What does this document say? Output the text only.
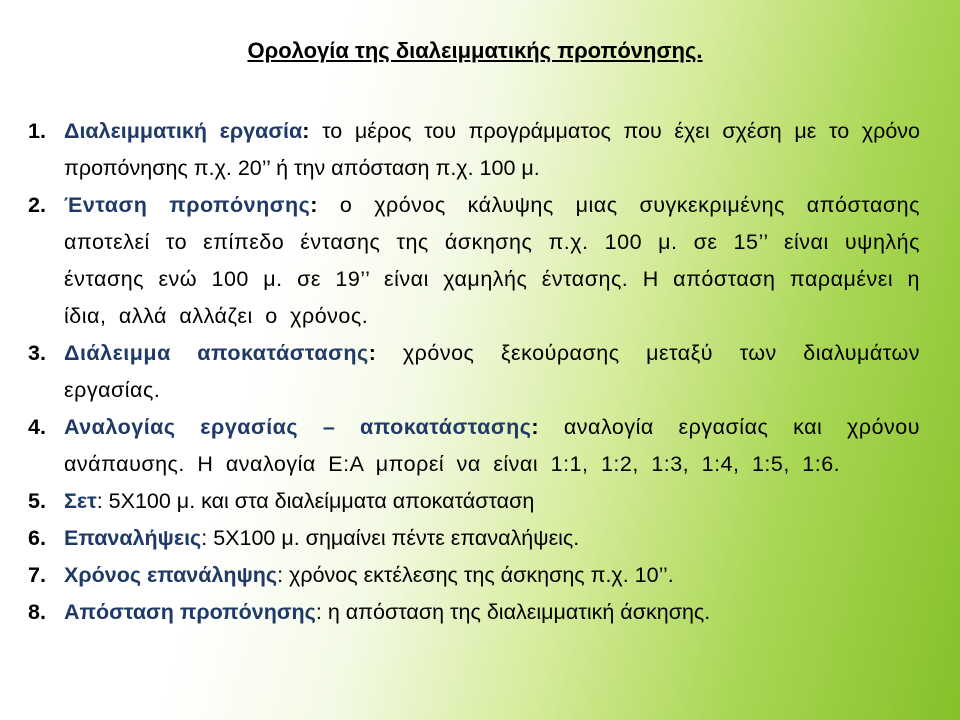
Ορολογία της διαλειμματικής προπόνησης.
1. Διαλειμματική εργασία: το μέρος του προγράμματος που έχει σχέση με το χρόνο προπόνησης π.χ. 20’’ ή την απόσταση π.χ. 100 μ.
2. Ένταση προπόνησης: ο χρόνος κάλυψης μιας συγκεκριμένης απόστασης αποτελεί το επίπεδο έντασης της άσκησης π.χ. 100 μ. σε 15’’ είναι υψηλής έντασης ενώ 100 μ. σε 19’’ είναι χαμηλής έντασης. Η απόσταση παραμένει η ίδια, αλλά αλλάζει ο χρόνος.
3. Διάλειμμα αποκατάστασης: χρόνος ξεκούρασης μεταξύ των διαλυμάτων εργασίας.
4. Αναλογίας εργασίας – αποκατάστασης: αναλογία εργασίας και χρόνου ανάπαυσης. Η αναλογία Ε:Α μπορεί να είναι 1:1, 1:2, 1:3, 1:4, 1:5, 1:6.
5. Σετ: 5Χ100 μ. και στα διαλείμματα αποκατάσταση
6. Επαναλήψεις: 5Χ100 μ. σημαίνει πέντε επαναλήψεις.
7. Χρόνος επανάληψης: χρόνος εκτέλεσης της άσκησης π.χ. 10’’.
8. Απόσταση προπόνησης: η απόσταση της διαλειμματική άσκησης.
